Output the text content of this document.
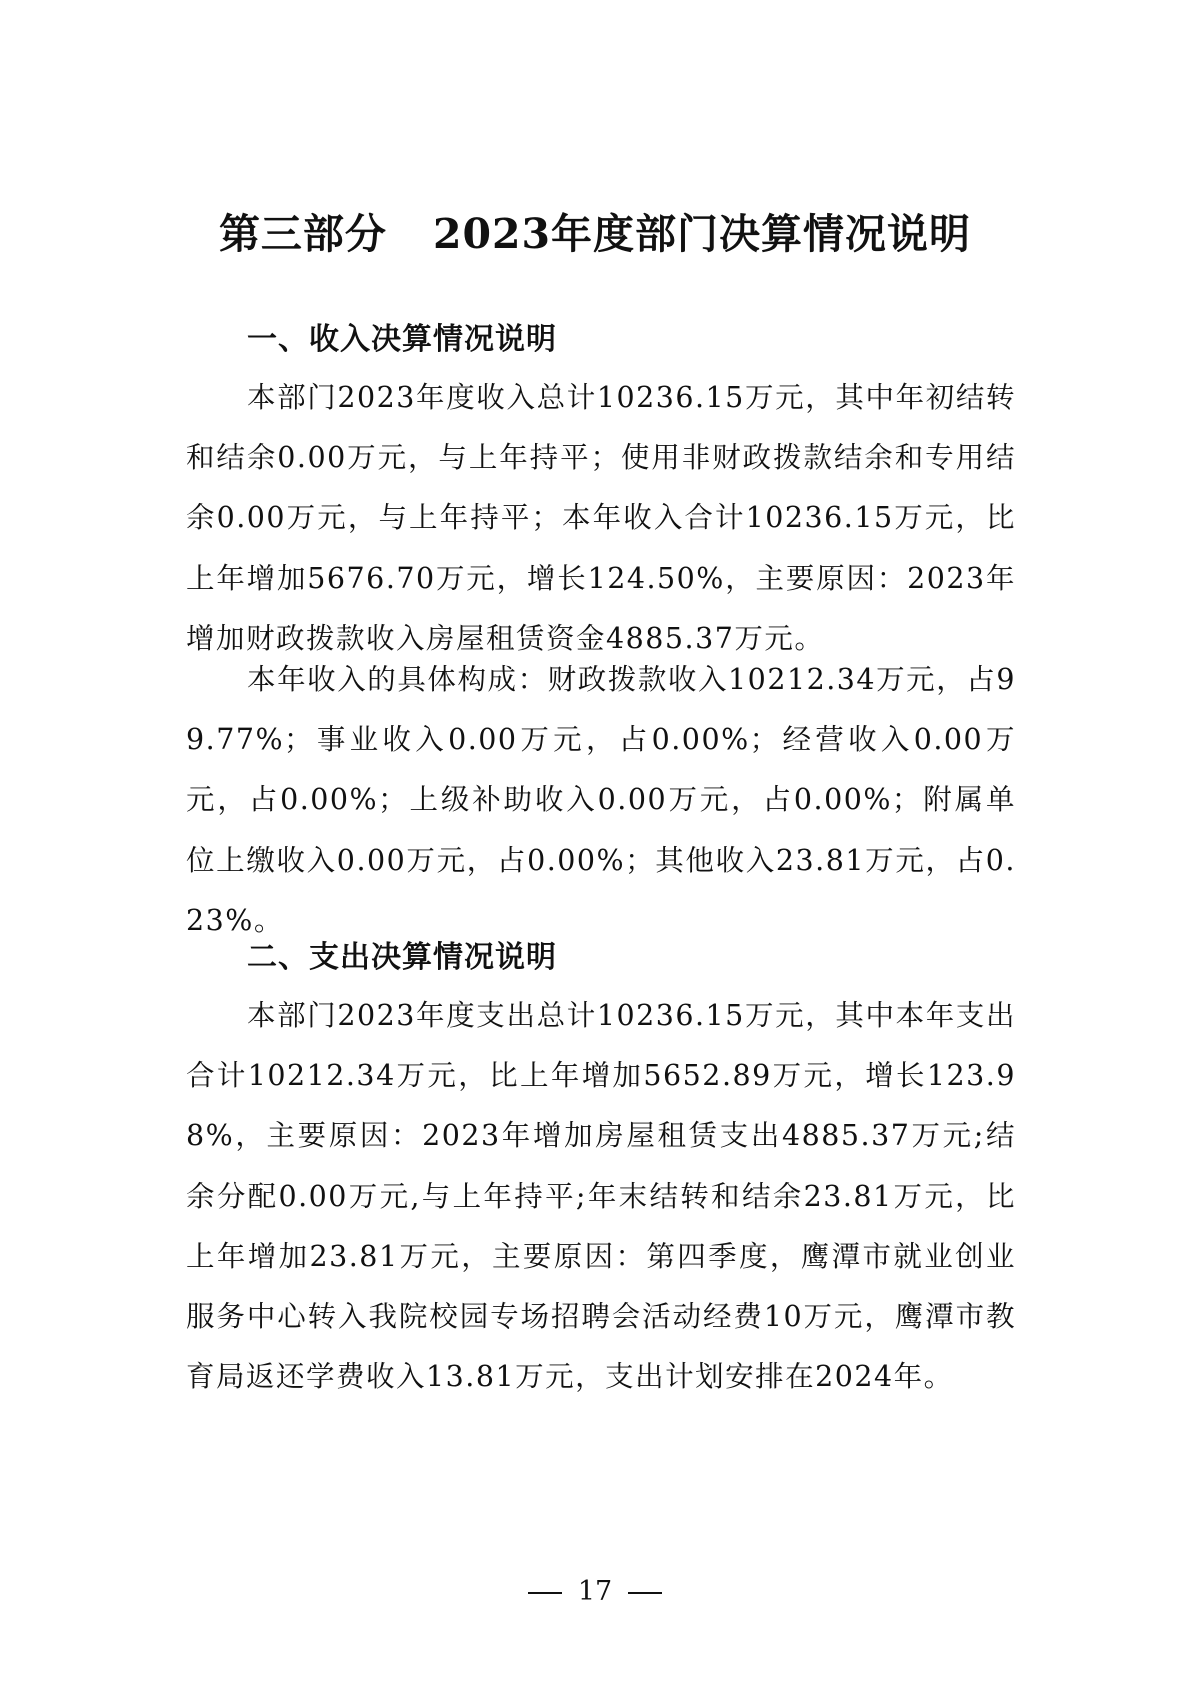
第三部分 2023年度部门决算情况说明
一、收入决算情况说明

本部门2023年度收入总计10236.15万元，其中年初结转和结余0.00万元，与上年持平；使用非财政拨款结余和专用结余0.00万元，与上年持平；本年收入合计10236.15万元，比上年增加5676.70万元，增长124.50%，主要原因：2023年增加财政拨款收入房屋租赁资金4885.37万元。

本年收入的具体构成：财政拨款收入10212.34万元，占99.77%；事业收入0.00万元，占0.00%；经营收入0.00万元，占0.00%；上级补助收入0.00万元，占0.00%；附属单位上缴收入0.00万元，占0.00%；其他收入23.81万元，占0.23%。

二、支出决算情况说明

本部门2023年度支出总计10236.15万元，其中本年支出合计10212.34万元，比上年增加5652.89万元，增长123.98%，主要原因：2023年增加房屋租赁支出4885.37万元;结余分配0.00万元,与上年持平;年末结转和结余23.81万元，比上年增加23.81万元，主要原因：第四季度，鹰潭市就业创业服务中心转入我院校园专场招聘会活动经费10万元，鹰潭市教育局返还学费收入13.81万元，支出计划安排在2024年。

17
